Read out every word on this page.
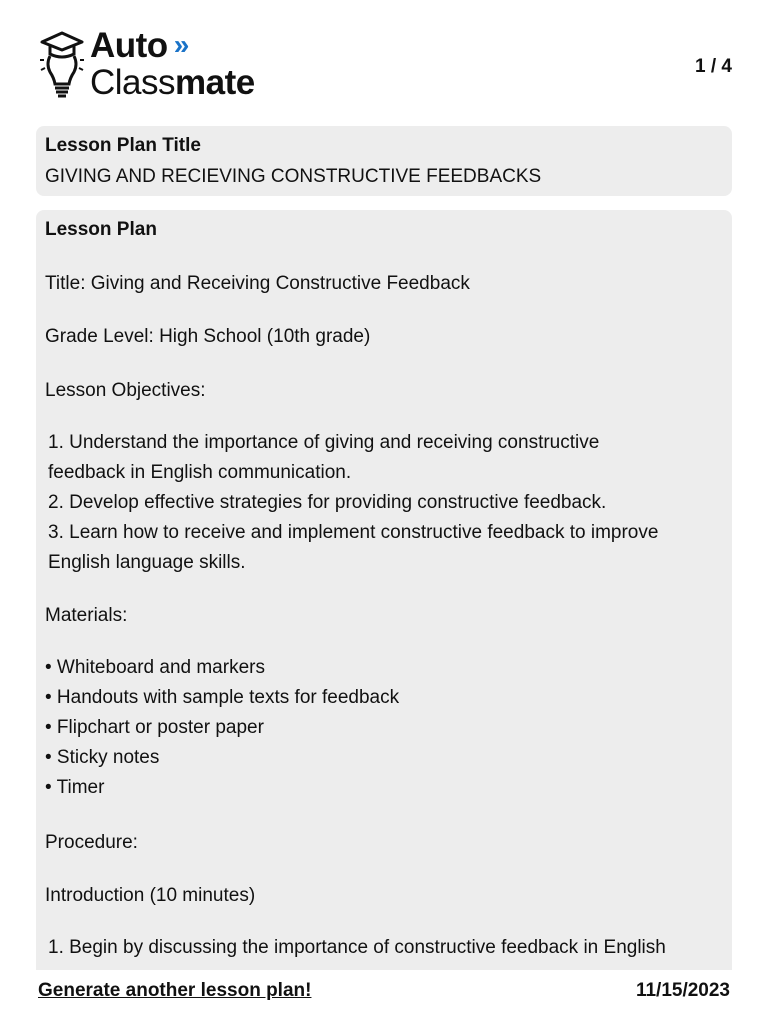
Auto »
Classmate	1 / 4
Lesson Plan Title
GIVING AND RECIEVING CONSTRUCTIVE FEEDBACKS
Lesson Plan
Title: Giving and Receiving Constructive Feedback
Grade Level: High School (10th grade)
Lesson Objectives:
1. Understand the importance of giving and receiving constructive
feedback in English communication.
2. Develop effective strategies for providing constructive feedback.
3. Learn how to receive and implement constructive feedback to improve
English language skills.
Materials:
• Whiteboard and markers
• Handouts with sample texts for feedback
• Flipchart or poster paper
• Sticky notes
• Timer
Procedure:
Introduction (10 minutes)
1. Begin by discussing the importance of constructive feedback in English
Generate another lesson plan!	11/15/2023
